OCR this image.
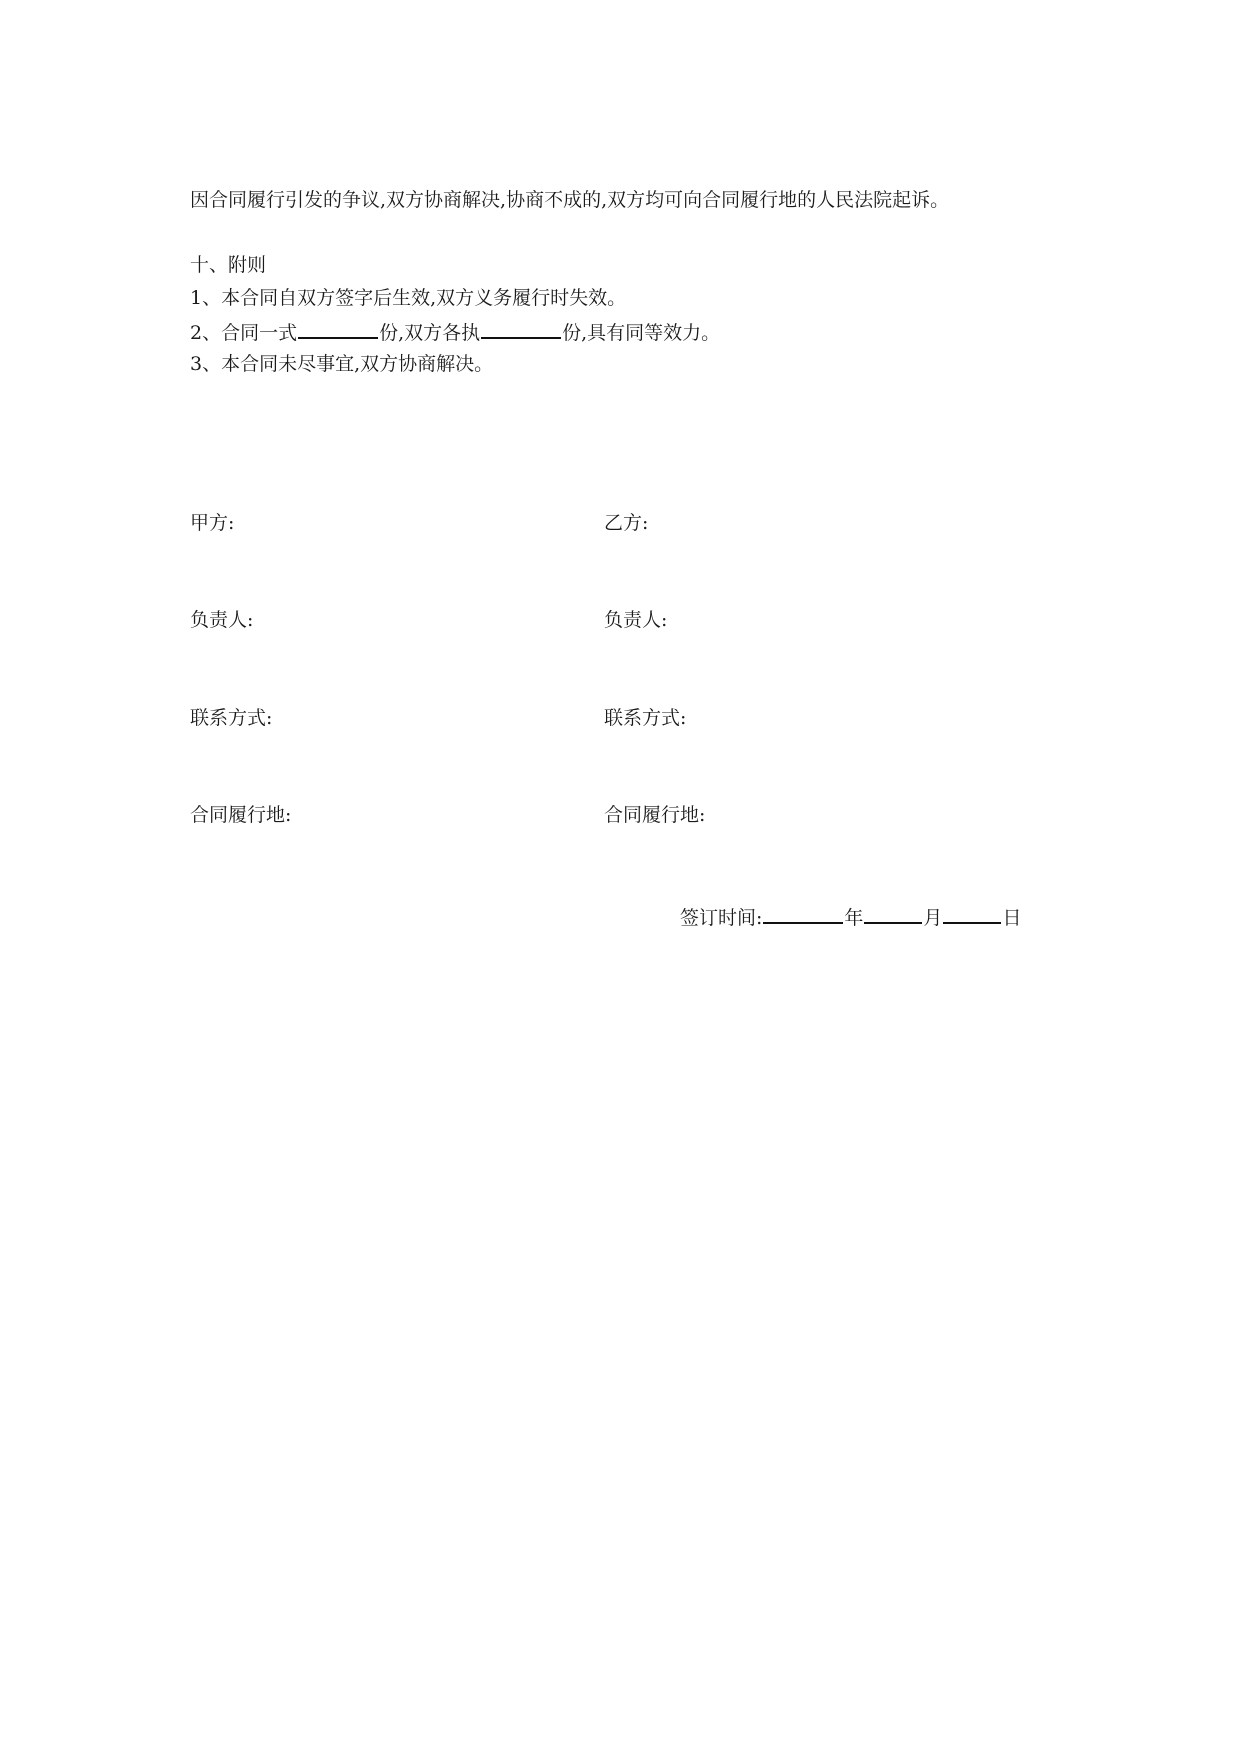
因合同履行引发的争议,双方协商解决,协商不成的,双方均可向合同履行地的人民法院起诉。
十、附则
1、本合同自双方签字后生效,双方义务履行时失效。
2、合同一式	份,双方各执	份,具有同等效力。
3、本合同未尽事宜,双方协商解决。
甲方:	乙方:
负责人:	负责人:
联系方式:	联系方式:
合同履行地:	合同履行地:
签订时间:	年	月	日
